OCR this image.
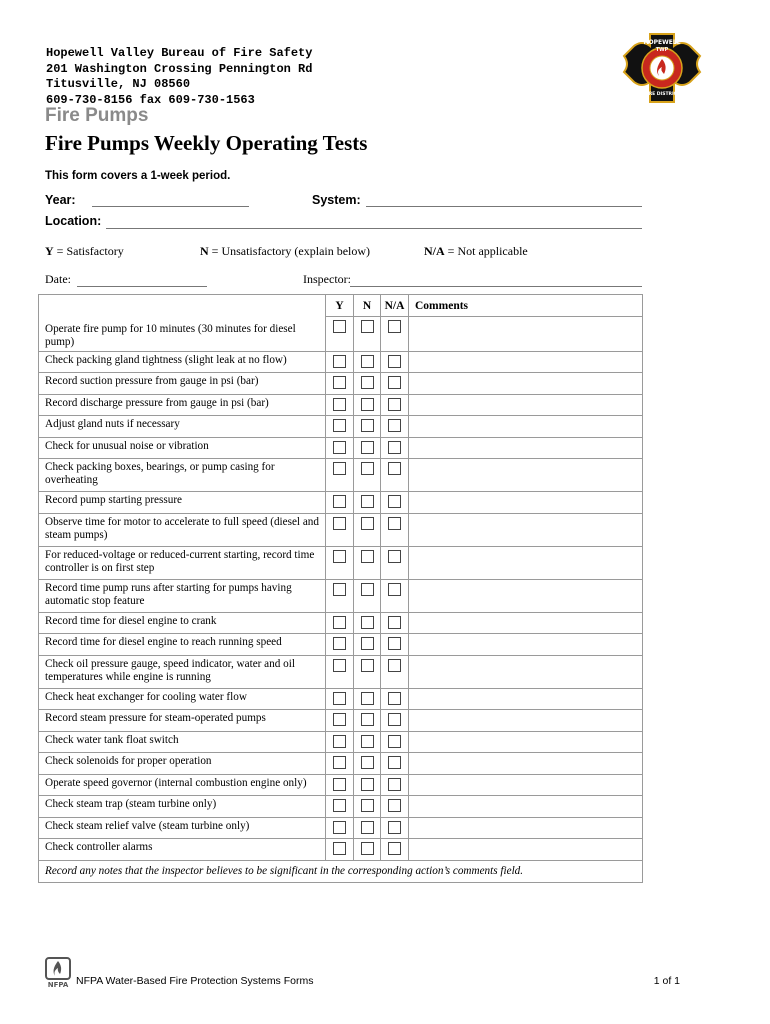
Hopewell Valley Bureau of Fire Safety
201 Washington Crossing Pennington Rd
Titusville, NJ 08560
609-730-8156 fax 609-730-1563
HOPEWELL
TWP
FIRE DISTRICT
Fire Pumps
Fire Pumps Weekly Operating Tests
This form covers a 1-week period.
Year:	System:
Location:
Y = Satisfactory	N = Unsatisfactory (explain below)	N/A = Not applicable
Date:	Inspector:
	Y	N	N/A	Comments
Operate fire pump for 10 minutes (30 minutes for diesel pump)				
Check packing gland tightness (slight leak at no flow)				
Record suction pressure from gauge in psi (bar)				
Record discharge pressure from gauge in psi (bar)				
Adjust gland nuts if necessary				
Check for unusual noise or vibration				
Check packing boxes, bearings, or pump casing for overheating				
Record pump starting pressure				
Observe time for motor to accelerate to full speed (diesel and steam pumps)				
For reduced-voltage or reduced-current starting, record time controller is on first step				
Record time pump runs after starting for pumps having automatic stop feature				
Record time for diesel engine to crank				
Record time for diesel engine to reach running speed				
Check oil pressure gauge, speed indicator, water and oil temperatures while engine is running				
Check heat exchanger for cooling water flow				
Record steam pressure for steam-operated pumps				
Check water tank float switch				
Check solenoids for proper operation				
Operate speed governor (internal combustion engine only)				
Check steam trap (steam turbine only)				
Check steam relief valve (steam turbine only)				
Check controller alarms				
Record any notes that the inspector believes to be significant in the corresponding action’s comments field.				
NFPA NFPA Water-Based Fire Protection Systems Forms	1 of 1
